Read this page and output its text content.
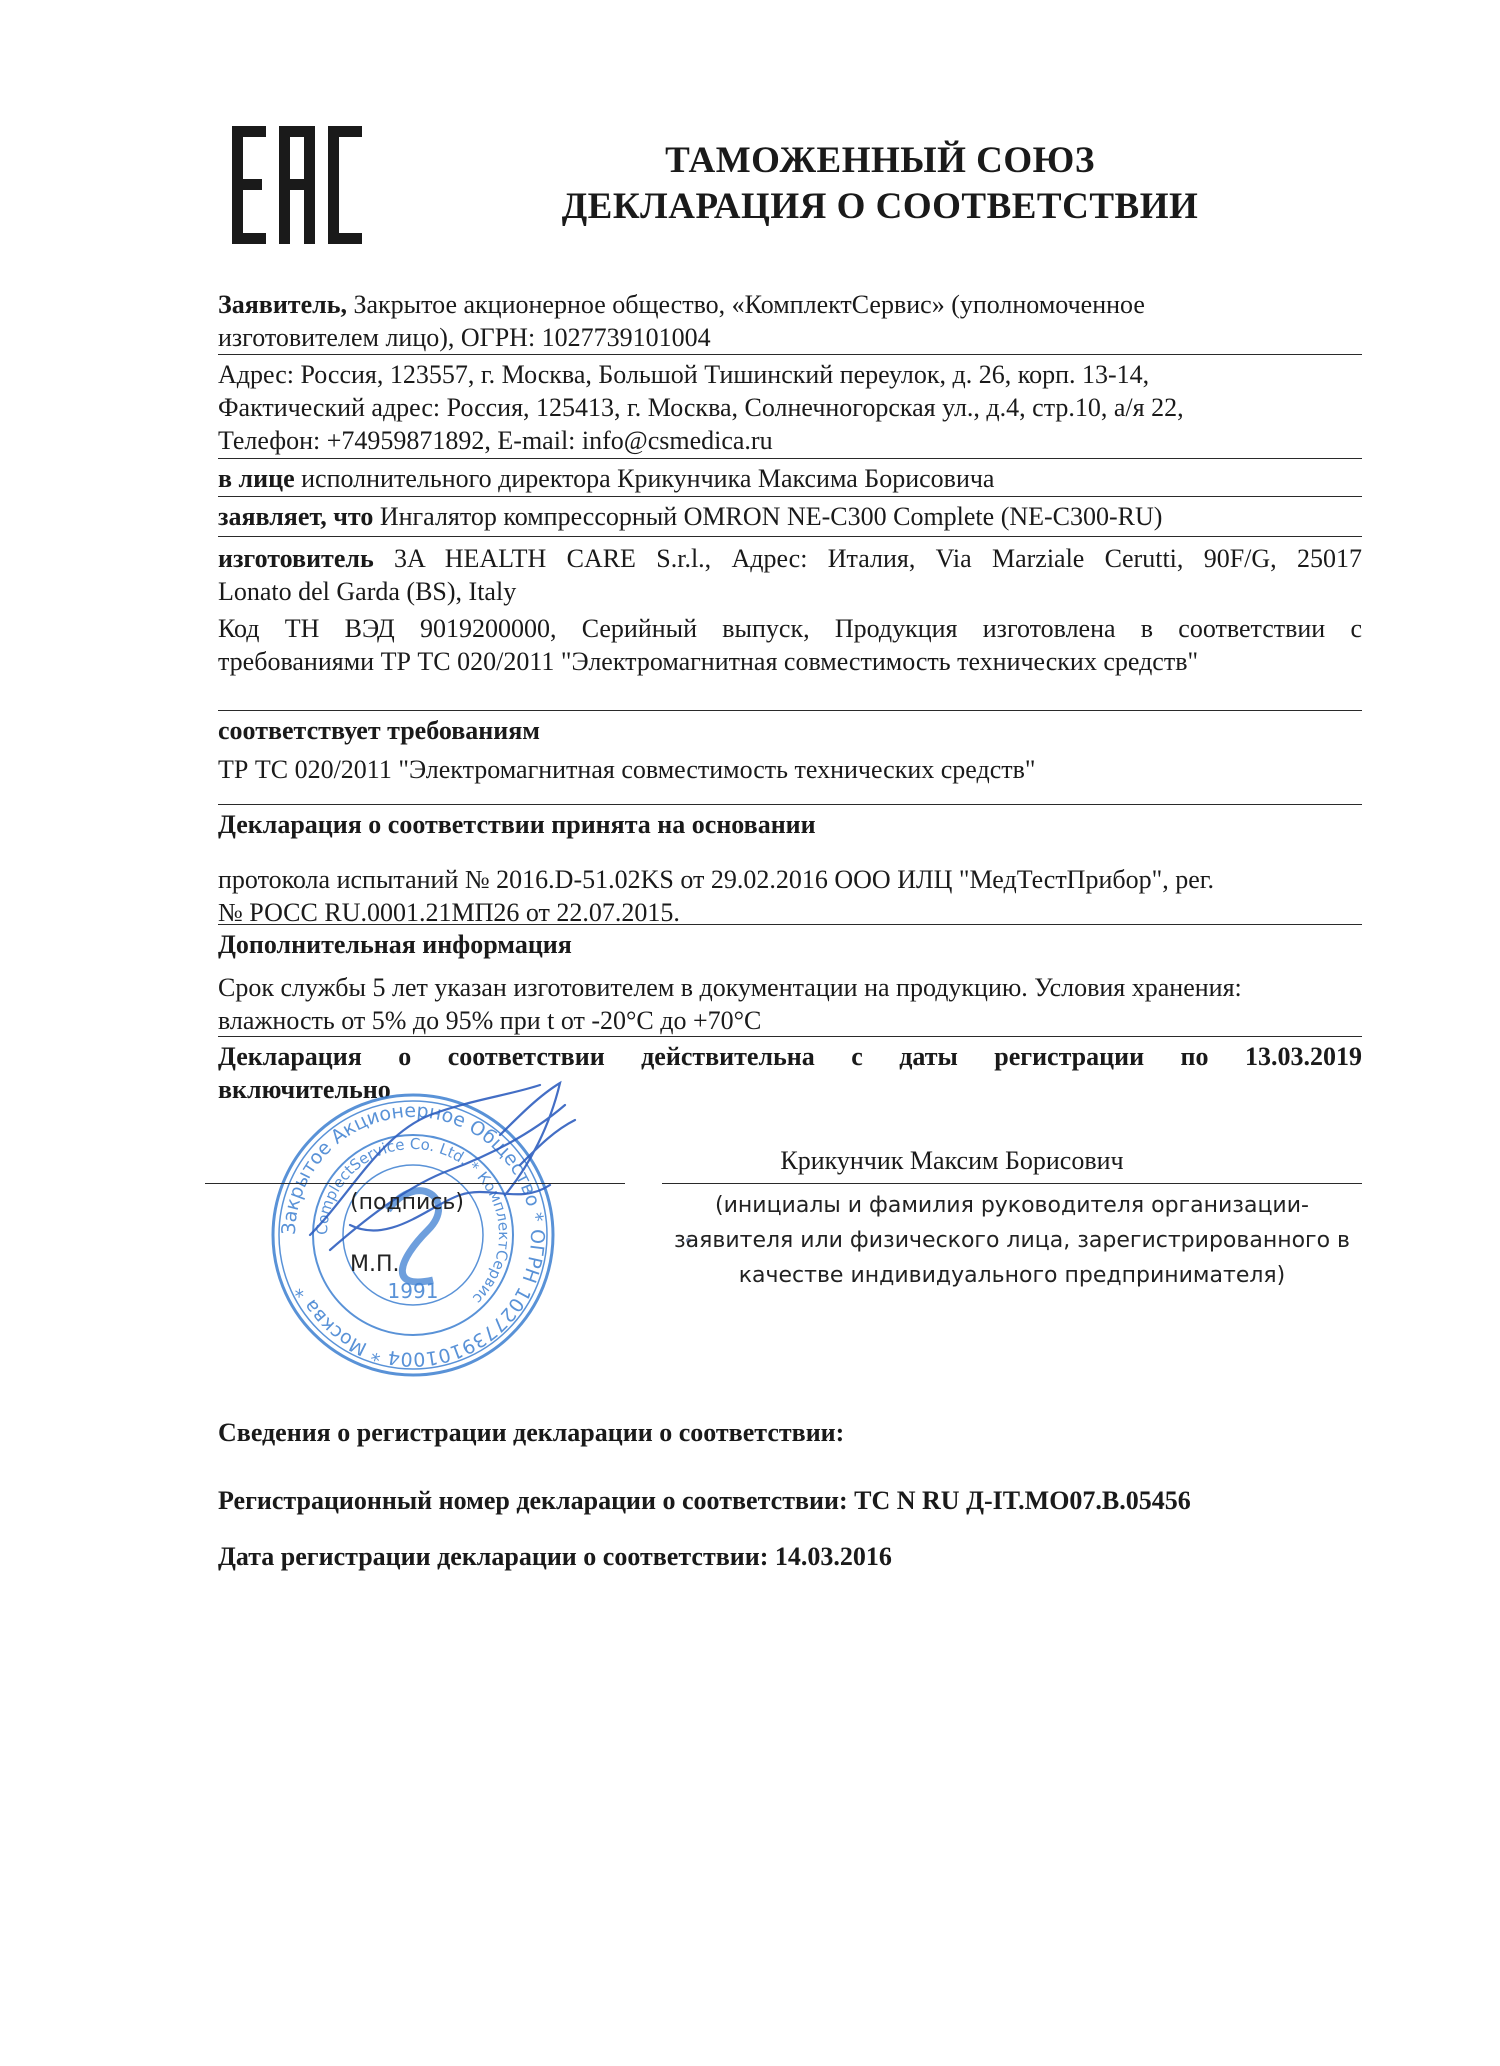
ТАМОЖЕННЫЙ СОЮЗ
ДЕКЛАРАЦИЯ О СООТВЕТСТВИИ
Заявитель, Закрытое акционерное общество, «КомплектСервис» (уполномоченное
изготовителем лицо), ОГРН: 1027739101004
Адрес: Россия, 123557, г. Москва, Большой Тишинский переулок, д. 26, корп. 13-14,
Фактический адрес: Россия, 125413, г. Москва, Солнечногорская ул., д.4, стр.10, а/я 22,
Телефон: +74959871892, E-mail: info@csmedica.ru
в лице исполнительного директора Крикунчика Максима Борисовича
заявляет, что Ингалятор компрессорный OMRON NE-C300 Complete (NE-C300-RU)
изготовитель 3A HEALTH CARE S.r.l., Адрес: Италия, Via Marziale Cerutti, 90F/G, 25017
Lonato del Garda (BS), Italy
Код ТН ВЭД 9019200000, Серийный выпуск, Продукция изготовлена в соответствии с
требованиями ТР ТС 020/2011 "Электромагнитная совместимость технических средств"
соответствует требованиям
ТР ТС 020/2011 "Электромагнитная совместимость технических средств"
Декларация о соответствии принята на основании
протокола испытаний № 2016.D-51.02KS от 29.02.2016 ООО ИЛЦ "МедТестПрибор", рег.
№ РОСС RU.0001.21МП26 от 22.07.2015.
Дополнительная информация
Срок службы 5 лет указан изготовителем в документации на продукцию. Условия хранения:
влажность от 5% до 95% при t от -20°С до +70°С
Декларация о соответствии действительна с даты регистрации по 13.03.2019
включительно
Закрытое Акционерное Общество * ОГРН 1027739101004 * Москва *
ComplectService Co. Ltd. * КомплектСервис
1991
Крикунчик Максим Борисович
(подпись)
М.П.
(инициалы и фамилия руководителя организации-
заявителя или физического лица, зарегистрированного в
качестве индивидуального предпринимателя)
Сведения о регистрации декларации о соответствии:
Регистрационный номер декларации о соответствии: ТС N RU Д-IT.МО07.В.05456
Дата регистрации декларации о соответствии: 14.03.2016
